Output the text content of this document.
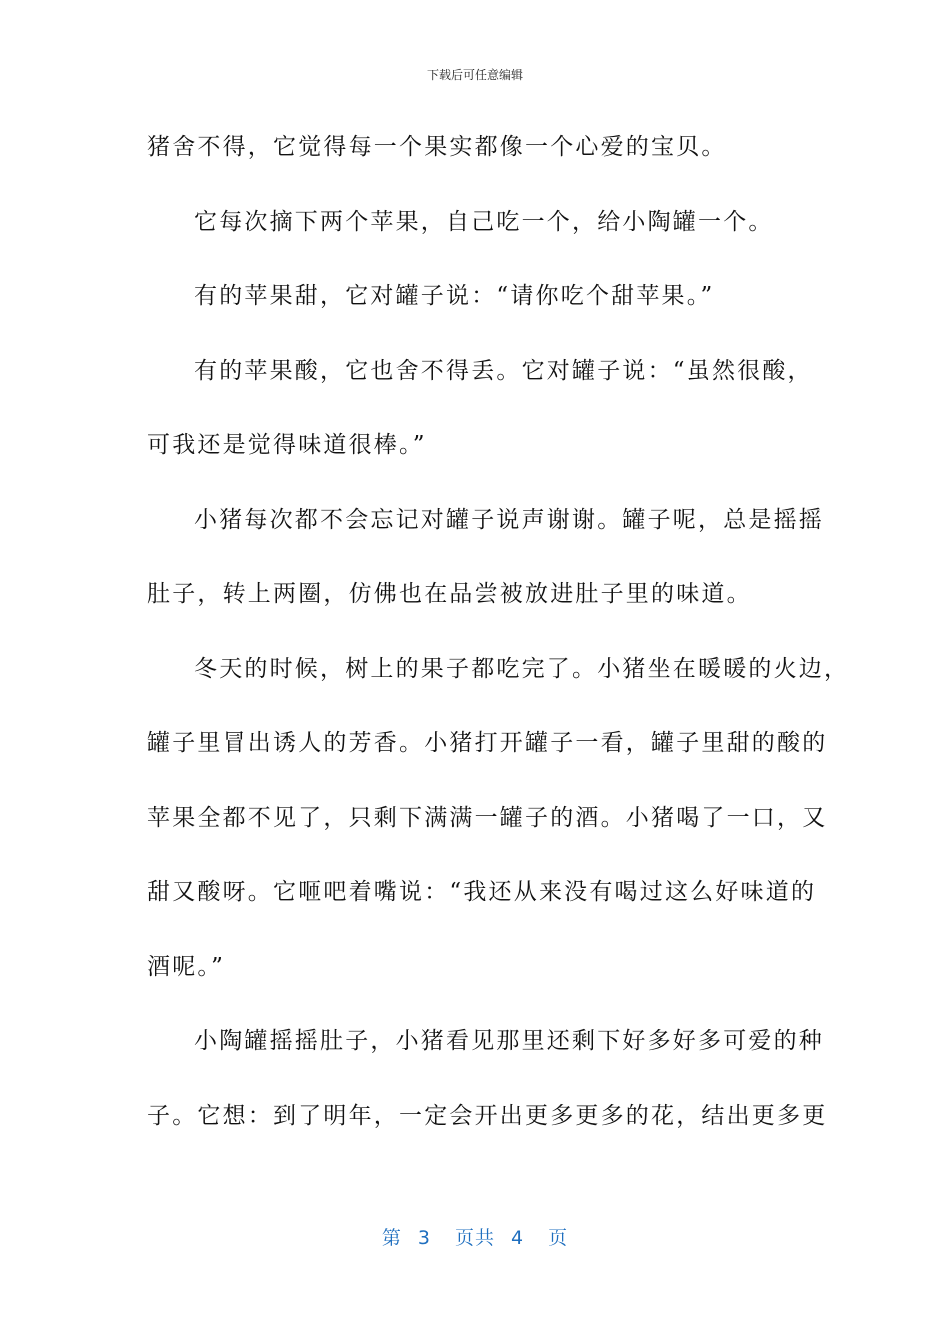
下载后可任意编辑
猪舍不得，它觉得每一个果实都像一个心爱的宝贝。
它每次摘下两个苹果，自己吃一个，给小陶罐一个。
有的苹果甜，它对罐子说：“请你吃个甜苹果。”
有的苹果酸，它也舍不得丢。它对罐子说：“虽然很酸，
可我还是觉得味道很棒。”
小猪每次都不会忘记对罐子说声谢谢。罐子呢，总是摇摇
肚子，转上两圈，仿佛也在品尝被放进肚子里的味道。
冬天的时候，树上的果子都吃完了。小猪坐在暖暖的火边，
罐子里冒出诱人的芳香。小猪打开罐子一看，罐子里甜的酸的
苹果全都不见了，只剩下满满一罐子的酒。小猪喝了一口，又
甜又酸呀。它咂吧着嘴说：“我还从来没有喝过这么好味道的
酒呢。”
小陶罐摇摇肚子，小猪看见那里还剩下好多好多可爱的种
子。它想：到了明年，一定会开出更多更多的花，结出更多更
第 3 页共 4 页
